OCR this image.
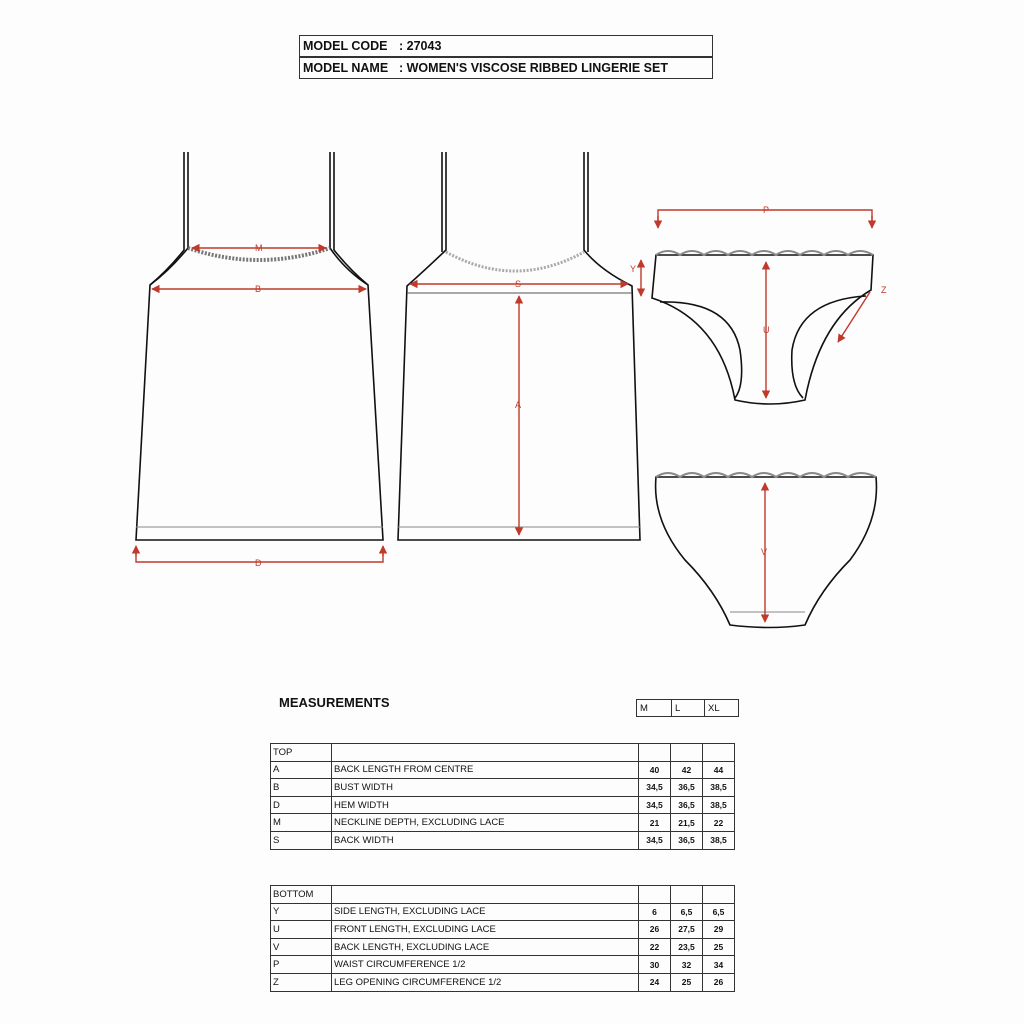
MODEL CODE : 27043
MODEL NAME : WOMEN'S VISCOSE RIBBED LINGERIE SET
M
B
D
S
A
P
Y
U
Z
V
MEASUREMENTS	M	L	XL
TOP				
A	BACK LENGTH FROM CENTRE	40	42	44
B	BUST WIDTH	34,5	36,5	38,5
D	HEM WIDTH	34,5	36,5	38,5
M	NECKLINE DEPTH, EXCLUDING LACE	21	21,5	22
S	BACK WIDTH	34,5	36,5	38,5
BOTTOM				
Y	SIDE LENGTH, EXCLUDING LACE	6	6,5	6,5
U	FRONT LENGTH, EXCLUDING LACE	26	27,5	29
V	BACK LENGTH, EXCLUDING LACE	22	23,5	25
P	WAIST CIRCUMFERENCE 1/2	30	32	34
Z	LEG OPENING CIRCUMFERENCE 1/2	24	25	26
